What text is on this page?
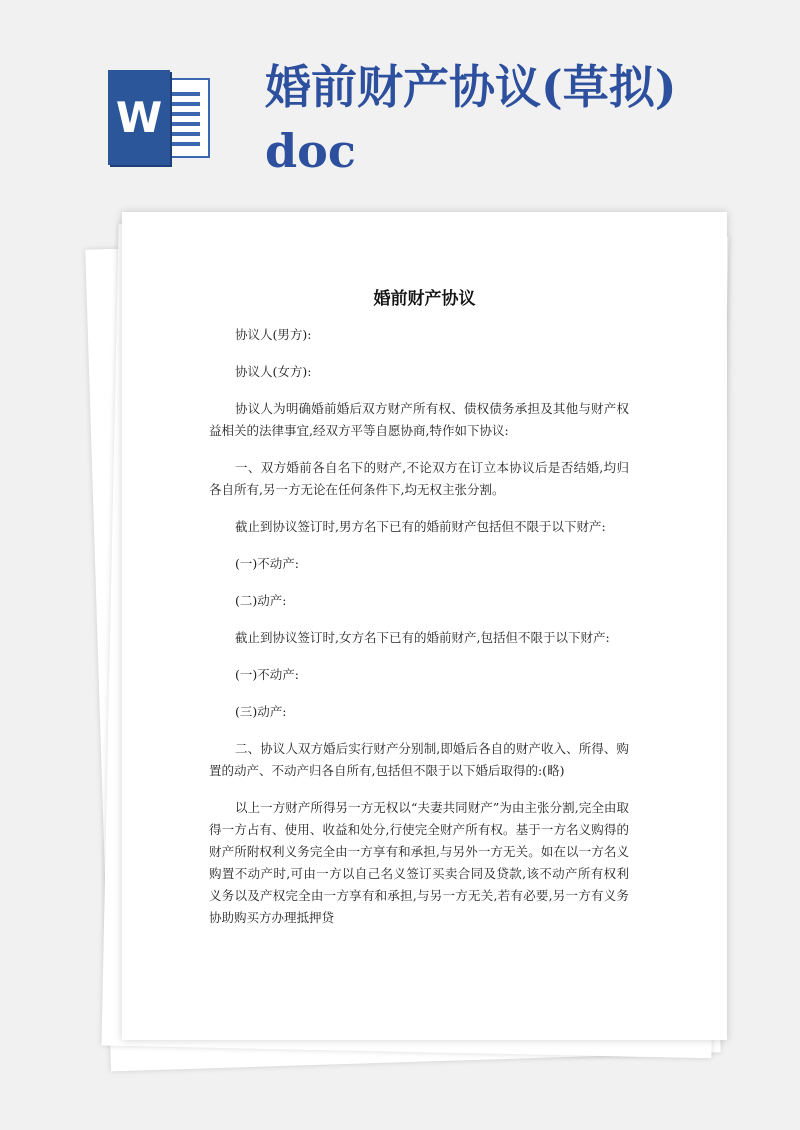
W
婚前财产协议(草拟)
doc
婚前财产协议

协议人(男方):

协议人(女方):

协议人为明确婚前婚后双方财产所有权、债权债务承担及其他与财产权益相关的法律事宜,经双方平等自愿协商,特作如下协议:

一、双方婚前各自名下的财产,不论双方在订立本协议后是否结婚,均归各自所有,另一方无论在任何条件下,均无权主张分割。

截止到协议签订时,男方名下已有的婚前财产包括但不限于以下财产:

(一)不动产:

(二)动产:

截止到协议签订时,女方名下已有的婚前财产,包括但不限于以下财产:

(一)不动产:

(三)动产:

二、协议人双方婚后实行财产分别制,即婚后各自的财产收入、所得、购置的动产、不动产归各自所有,包括但不限于以下婚后取得的:(略)

以上一方财产所得另一方无权以“夫妻共同财产”为由主张分割,完全由取得一方占有、使用、收益和处分,行使完全财产所有权。基于一方名义购得的财产所附权利义务完全由一方享有和承担,与另外一方无关。如在以一方名义购置不动产时,可由一方以自己名义签订买卖合同及贷款,该不动产所有权利义务以及产权完全由一方享有和承担,与另一方无关,若有必要,另一方有义务协助购买方办理抵押贷
